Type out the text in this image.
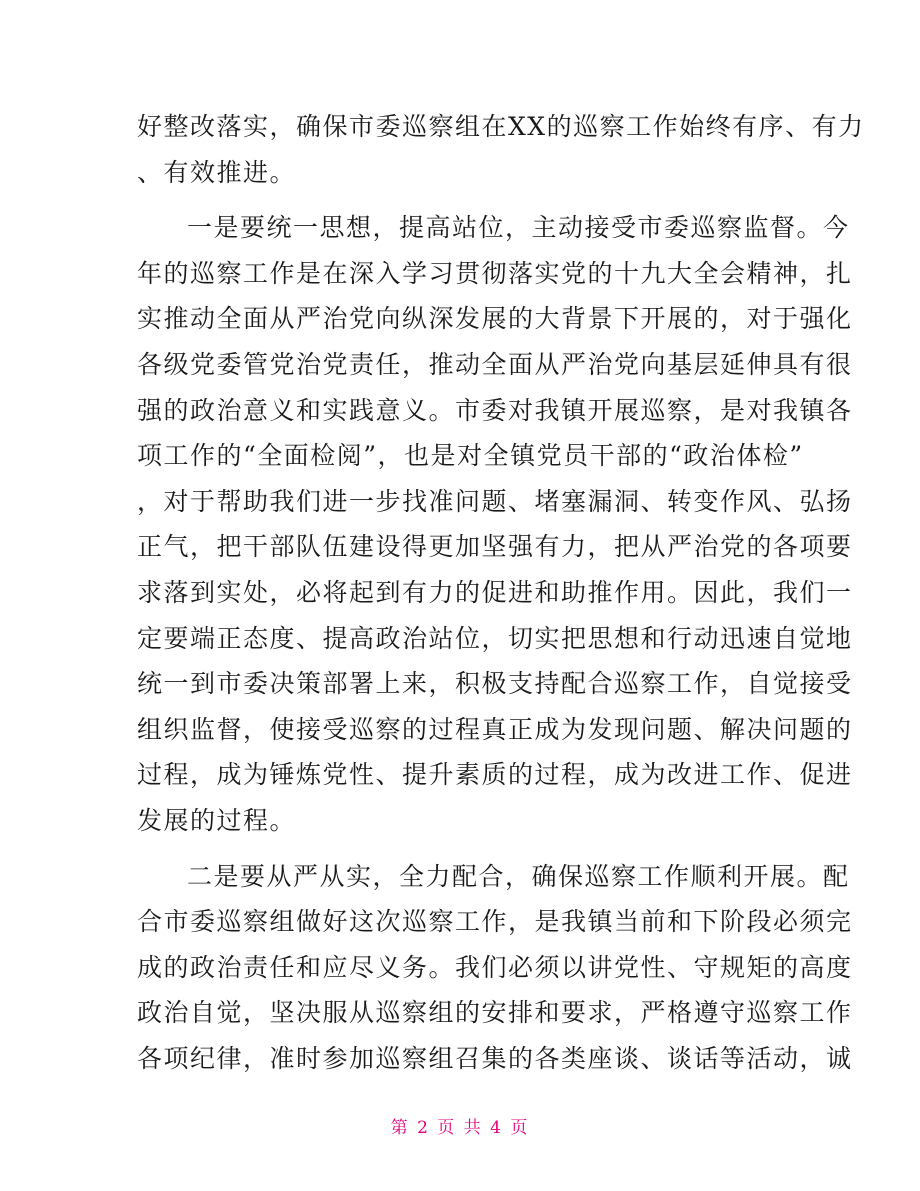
好整改落实，确保市委巡察组在XX的巡察工作始终有序、有力
、有效推进。
一是要统一思想，提高站位，主动接受市委巡察监督。今
年的巡察工作是在深入学习贯彻落实党的十九大全会精神，扎
实推动全面从严治党向纵深发展的大背景下开展的，对于强化
各级党委管党治党责任，推动全面从严治党向基层延伸具有很
强的政治意义和实践意义。市委对我镇开展巡察，是对我镇各
项工作的“全面检阅”，也是对全镇党员干部的“政治体检”
，对于帮助我们进一步找准问题、堵塞漏洞、转变作风、弘扬
正气，把干部队伍建设得更加坚强有力，把从严治党的各项要
求落到实处，必将起到有力的促进和助推作用。因此，我们一
定要端正态度、提高政治站位，切实把思想和行动迅速自觉地
统一到市委决策部署上来，积极支持配合巡察工作，自觉接受
组织监督，使接受巡察的过程真正成为发现问题、解决问题的
过程，成为锤炼党性、提升素质的过程，成为改进工作、促进
发展的过程。
二是要从严从实，全力配合，确保巡察工作顺利开展。配
合市委巡察组做好这次巡察工作，是我镇当前和下阶段必须完
成的政治责任和应尽义务。我们必须以讲党性、守规矩的高度
政治自觉，坚决服从巡察组的安排和要求，严格遵守巡察工作
各项纪律，准时参加巡察组召集的各类座谈、谈话等活动，诚
第 2 页 共 4 页
